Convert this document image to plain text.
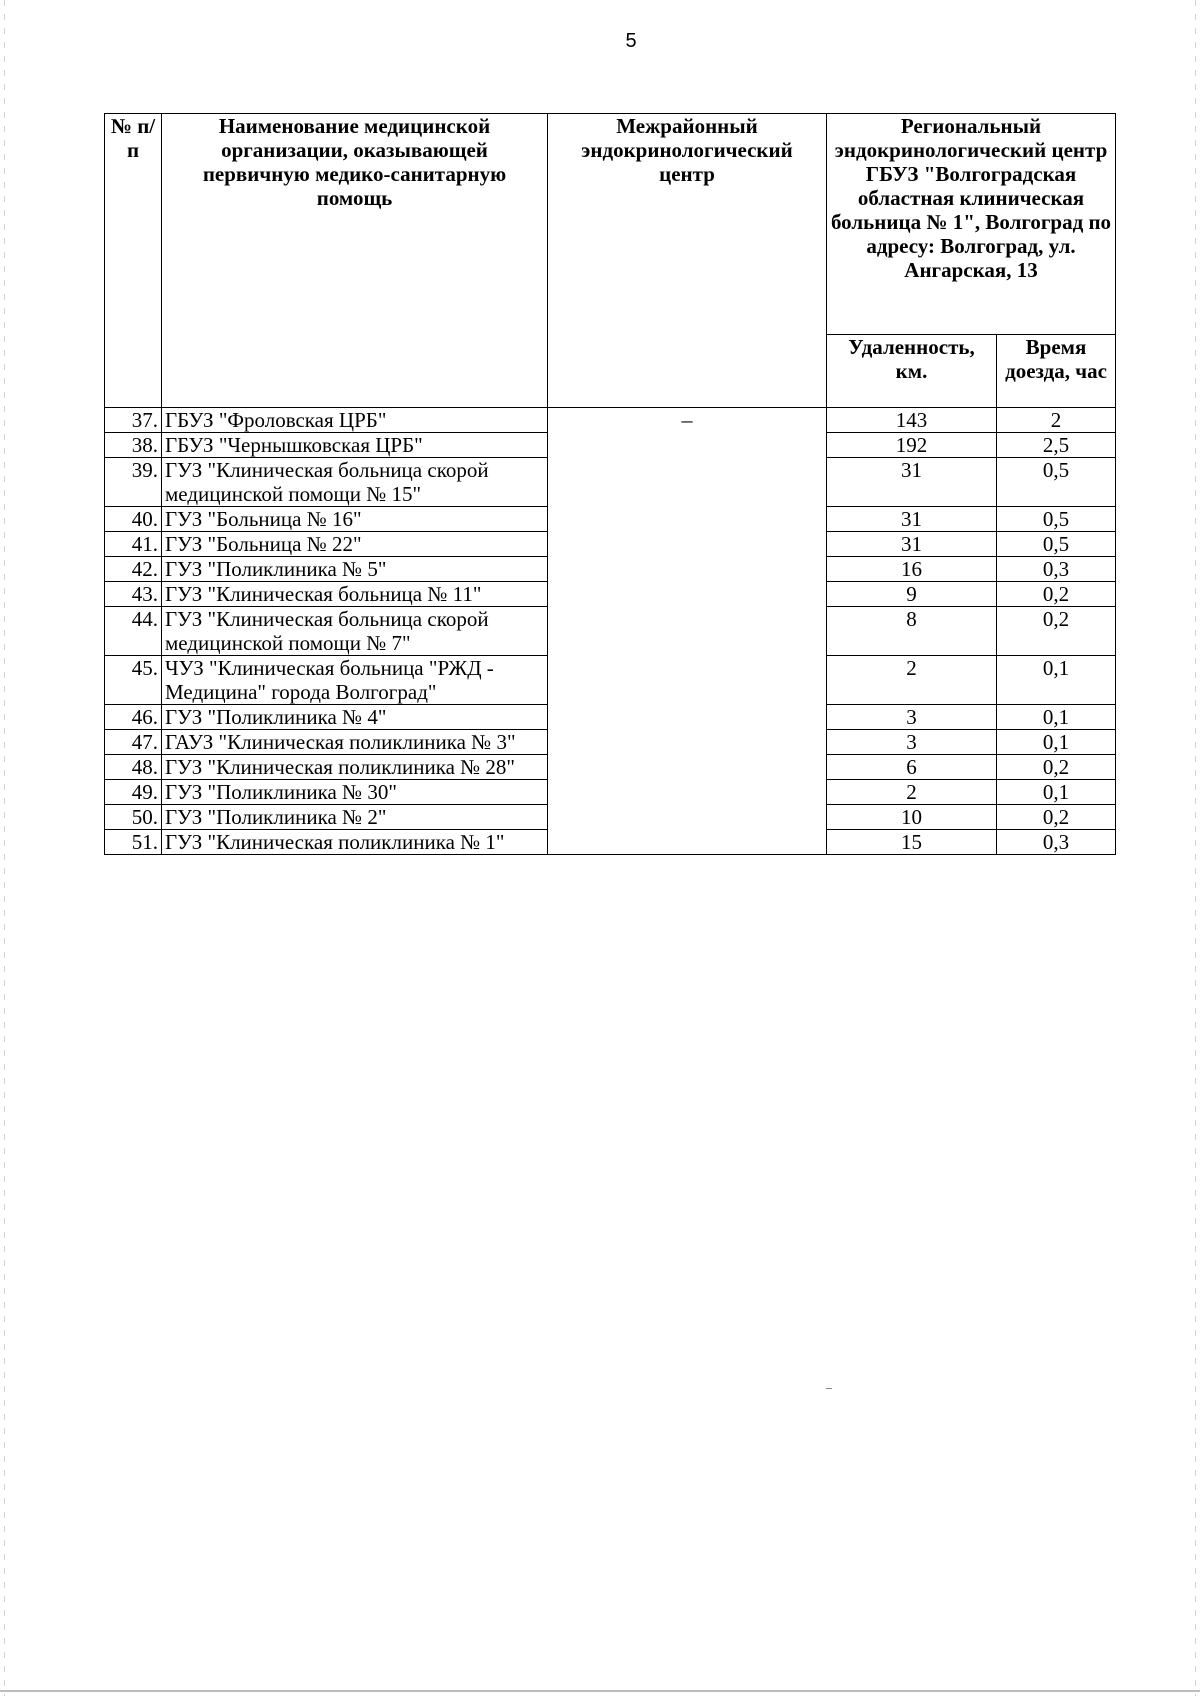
5
№ п/п	Наименование медицинской организации, оказывающей первичную медико-санитарную помощь	Межрайонный эндокринологический центр	Региональный эндокринологический центр ГБУЗ "Волгоградская областная клиническая больница № 1", Волгоград по адресу: Волгоград, ул. Ангарская, 13	
			Удаленность, км.	Время доезда, час
37.	ГБУЗ "Фроловская ЦРБ"	–	143	2
38.	ГБУЗ "Чернышковская ЦРБ"		192	2,5
39.	ГУЗ "Клиническая больница скорой медицинской помощи № 15"		31	0,5
40.	ГУЗ "Больница № 16"		31	0,5
41.	ГУЗ "Больница № 22"		31	0,5
42.	ГУЗ "Поликлиника № 5"		16	0,3
43.	ГУЗ "Клиническая больница № 11"		9	0,2
44.	ГУЗ "Клиническая больница скорой медицинской помощи № 7"		8	0,2
45.	ЧУЗ "Клиническая больница "РЖД - Медицина" города Волгоград"		2	0,1
46.	ГУЗ "Поликлиника № 4"		3	0,1
47.	ГАУЗ "Клиническая поликлиника № 3"		3	0,1
48.	ГУЗ "Клиническая поликлиника № 28"		6	0,2
49.	ГУЗ "Поликлиника № 30"		2	0,1
50.	ГУЗ "Поликлиника № 2"		10	0,2
51.	ГУЗ "Клиническая поликлиника № 1"		15	0,3
